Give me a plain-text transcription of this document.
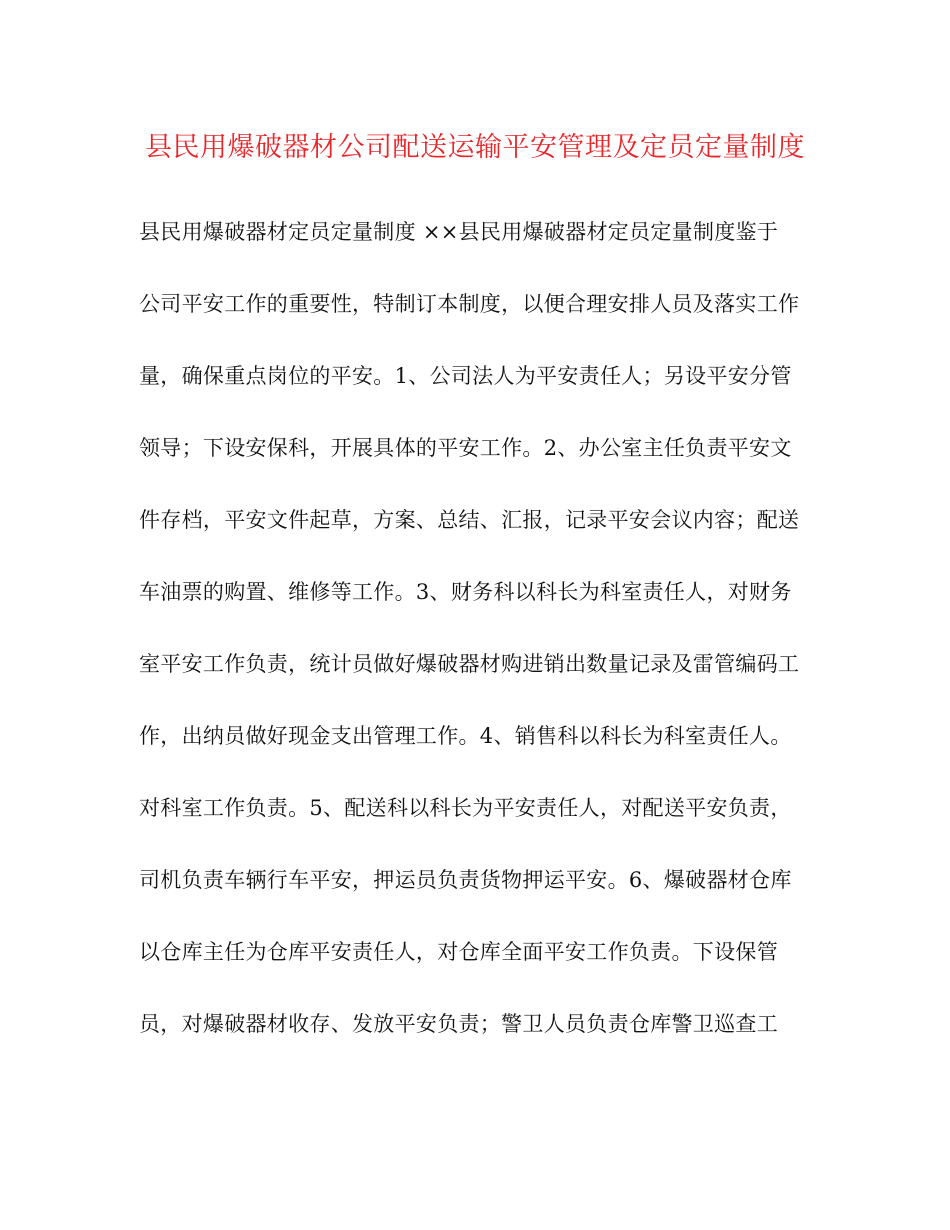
县民用爆破器材公司配送运输平安管理及定员定量制度
县民用爆破器材定员定量制度 ××县民用爆破器材定员定量制度鉴于
公司平安工作的重要性，特制订本制度，以便合理安排人员及落实工作
量，确保重点岗位的平安。1、公司法人为平安责任人；另设平安分管
领导；下设安保科，开展具体的平安工作。2、办公室主任负责平安文
件存档，平安文件起草，方案、总结、汇报，记录平安会议内容；配送
车油票的购置、维修等工作。3、财务科以科长为科室责任人，对财务
室平安工作负责，统计员做好爆破器材购进销出数量记录及雷管编码工
作，出纳员做好现金支出管理工作。4、销售科以科长为科室责任人。
对科室工作负责。5、配送科以科长为平安责任人，对配送平安负责，
司机负责车辆行车平安，押运员负责货物押运平安。6、爆破器材仓库
以仓库主任为仓库平安责任人，对仓库全面平安工作负责。下设保管
员，对爆破器材收存、发放平安负责；警卫人员负责仓库警卫巡查工
